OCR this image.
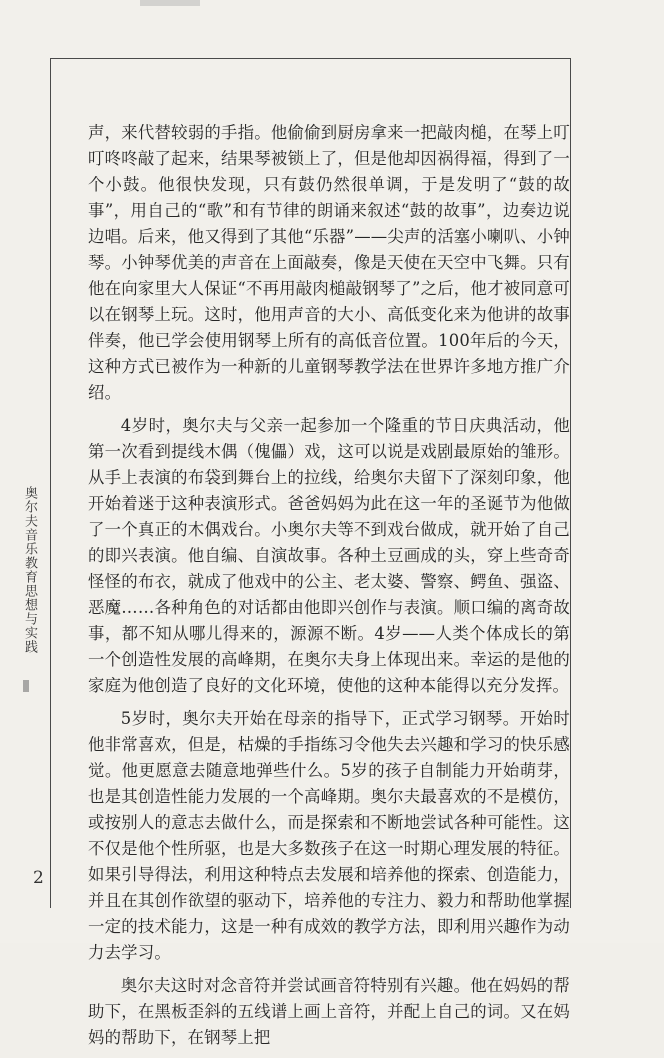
声，来代替较弱的手指。他偷偷到厨房拿来一把敲肉槌，在琴上叮叮咚咚敲了起来，结果琴被锁上了，但是他却因祸得福，得到了一个小鼓。他很快发现，只有鼓仍然很单调，于是发明了“鼓的故事”，用自己的“歌”和有节律的朗诵来叙述“鼓的故事”，边奏边说边唱。后来，他又得到了其他“乐器”——尖声的活塞小喇叭、小钟琴。小钟琴优美的声音在上面敲奏，像是天使在天空中飞舞。只有他在向家里大人保证“不再用敲肉槌敲钢琴了”之后，他才被同意可以在钢琴上玩。这时，他用声音的大小、高低变化来为他讲的故事伴奏，他已学会使用钢琴上所有的高低音位置。100年后的今天，这种方式已被作为一种新的儿童钢琴教学法在世界许多地方推广介绍。

4岁时，奥尔夫与父亲一起参加一个隆重的节日庆典活动，他第一次看到提线木偶（傀儡）戏，这可以说是戏剧最原始的雏形。从手上表演的布袋到舞台上的拉线，给奥尔夫留下了深刻印象，他开始着迷于这种表演形式。爸爸妈妈为此在这一年的圣诞节为他做了一个真正的木偶戏台。小奥尔夫等不到戏台做成，就开始了自己的即兴表演。他自编、自演故事。各种土豆画成的头，穿上些奇奇怪怪的布衣，就成了他戏中的公主、老太婆、警察、鳄鱼、强盗、恶魔……各种角色的对话都由他即兴创作与表演。顺口编的离奇故事，都不知从哪儿得来的，源源不断。4岁——人类个体成长的第一个创造性发展的高峰期，在奥尔夫身上体现出来。幸运的是他的家庭为他创造了良好的文化环境，使他的这种本能得以充分发挥。

5岁时，奥尔夫开始在母亲的指导下，正式学习钢琴。开始时他非常喜欢，但是，枯燥的手指练习令他失去兴趣和学习的快乐感觉。他更愿意去随意地弹些什么。5岁的孩子自制能力开始萌芽，也是其创造性能力发展的一个高峰期。奥尔夫最喜欢的不是模仿，或按别人的意志去做什么，而是探索和不断地尝试各种可能性。这不仅是他个性所驱，也是大多数孩子在这一时期心理发展的特征。如果引导得法，利用这种特点去发展和培养他的探索、创造能力，并且在其创作欲望的驱动下，培养他的专注力、毅力和帮助他掌握一定的技术能力，这是一种有成效的教学方法，即利用兴趣作为动力去学习。

奥尔夫这时对念音符并尝试画音符特别有兴趣。他在妈妈的帮助下，在黑板歪斜的五线谱上画上音符，并配上自己的词。又在妈妈的帮助下，在钢琴上把

奥尔夫音乐教育思想与实践
2
